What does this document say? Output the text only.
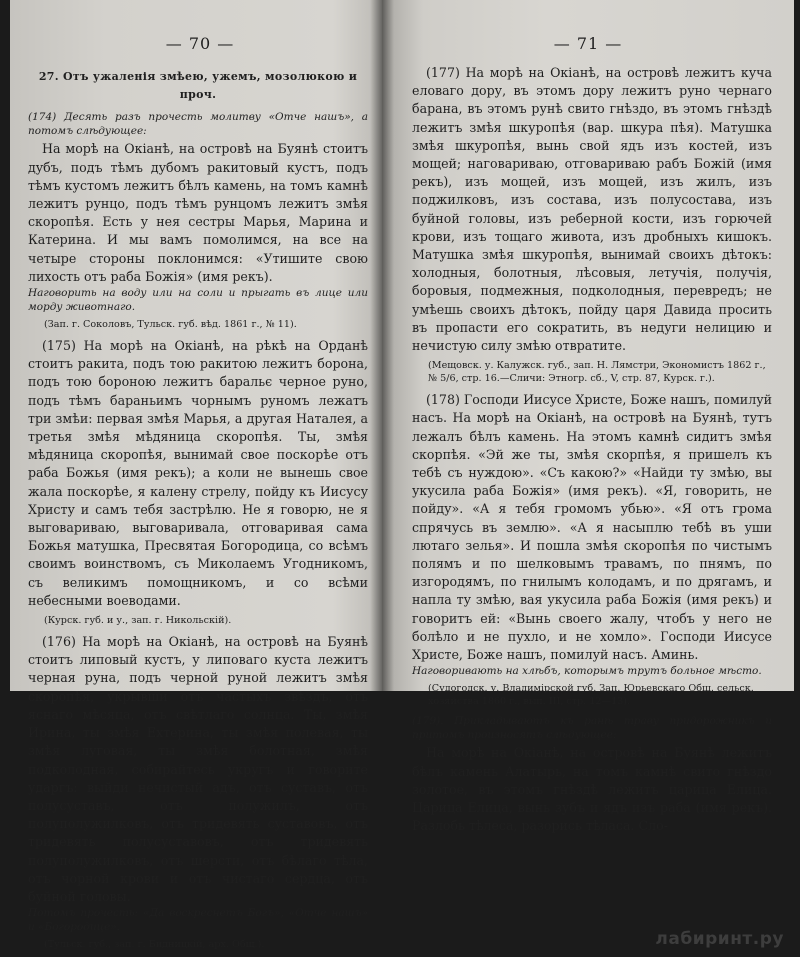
— 70 —
27. Отъ ужаленія змѣею, ужемъ, мозолюкою и проч.

(174) Десять разъ прочесть молитву «Отче нашъ», а потомъ слѣдующее:

На морѣ на Окіанѣ, на островѣ на Буянѣ стоитъ дубъ, подъ тѣмъ дубомъ ракитовый кустъ, подъ тѣмъ кустомъ лежитъ бѣлъ камень, на томъ камнѣ лежитъ рунцо, подъ тѣмъ рунцомъ лежитъ змѣя скоропѣя. Есть у нея сестры Марья, Марина и Катерина. И мы вамъ помолимся, на все на четыре стороны поклонимся: «Утишите свою лихость отъ раба Божія» (имя рекъ).

Наговорить на воду или на соли и прыгать въ лице или морду животнаго.

(Зап. г. Соколовъ, Тульск. губ. вѣд. 1861 г., № 11).

(175) На морѣ на Окіанѣ, на рѣкѣ на Орданѣ стоитъ ракита, подъ тою ракитою лежитъ борона, подъ тою бороною лежитъ баральє черное руно, подъ тѣмъ бараньимъ чорнымъ руномъ лежатъ три змѣи: первая змѣя Марья, а другая Наталея, а третья змѣя мѣдяница скоропѣя. Ты, змѣя мѣдяница скоропѣя, вынимай свое поскорѣе отъ раба Божья (имя рекъ); а коли не вынешь свое жала поскорѣе, я калену стрелу, пойду къ Иисусу Христу и самъ тебя застрѣлю. Не я говорю, не я выговариваю, выговаривала, отговаривая сама Божья матушка, Пресвятая Богородица, со всѣмъ своимъ воинствомъ, съ Миколаемъ Угодникомъ, съ великимъ помощникомъ, и со всѣми небесными воеводами.

(Курск. губ. и у., зап. г. Никольскій).

(176) На морѣ на Окіанѣ, на островѣ на Буянѣ стоитъ липовый кустъ, у липоваго куста лежитъ черная руна, подъ черной руной лежитъ змѣя скоропѣя, укрывши отъ частыхъ звѣздъ, отъ яснаго мѣсяца, отъ свѣтлаго солнца. Ты, змѣя Ирина, ты змѣя Ехтерина, ты змѣя полевая, ты змѣя луговая, ты змѣя болотная, змѣя подколодная, собирайтесь укругъ и говорите ударгъ: выйди нечистый адъ, отъ суставъ, отъ полусуставъ, отъ полужилъ, отъ полуполужилковъ, отъ тридевять суставовъ, отъ тридевять полусуставовъ, отъ тридевять полуполужилковъ, отъ шерсти, отъ бѣлаго тѣла, отъ чорной крови и отъ чистаго сердца, отъ буйной головы.

Потомъ прочесть: «Да воскреснетъ Богъ», «Отче нашъ» и «Богородице».

(Тульск. губ., зап. г. Бидницкій, арх. Общ.).

— 71 —

(177) На морѣ на Окіанѣ, на островѣ лежитъ куча еловаго дору, въ этомъ дору лежитъ руно чернаго барана, въ этомъ рунѣ свито гнѣздо, въ этомъ гнѣздѣ лежитъ змѣя шкуропѣя (вар. шкура пѣя). Матушка змѣя шкуропѣя, вынь свой ядъ изъ костей, изъ мощей; наговариваю, отговариваю рабъ Божій (имя рекъ), изъ мощей, изъ мощей, изъ жилъ, изъ поджилковъ, изъ состава, изъ полусостава, изъ буйной головы, изъ реберной кости, изъ горючей крови, изъ тощаго живота, изъ дробныхъ кишокъ. Матушка змѣя шкуропѣя, вынимай своихъ дѣтокъ: холодныя, болотныя, лѣсовыя, летучія, получія, боровыя, подмежныя, подколодныя, перевредъ; не умѣешь своихъ дѣтокъ, пойду царя Давида просить въ пропасти его сократить, въ недуги нелицию и нечистую силу змѣю отвратите.

(Мещовск. у. Калужск. губ., зап. Н. Лямстри, Экономистъ 1862 г., № 5/6, стр. 16.—Сличи: Этногр. сб., V, стр. 87, Курск. г.).

(178) Господи Иисусе Христе, Боже нашъ, помилуй насъ. На морѣ на Окіанѣ, на островѣ на Буянѣ, тутъ лежалъ бѣлъ камень. На этомъ камнѣ сидитъ змѣя скорпѣя. «Эй же ты, змѣя скорпѣя, я пришелъ къ тебѣ съ нуждою». «Съ какою?» «Найди ту змѣю, вы укусила раба Божія» (имя рекъ). «Я, говорить, не пойду». «А я тебя громомъ убью». «Я отъ грома спрячусь въ землю». «А я насыплю тебѣ въ уши лютаго зелья». И пошла змѣя скоропѣя по чистымъ полямъ и по шелковымъ травамъ, по пнямъ, по изгородямъ, по гнилымъ колодамъ, и по дрягамъ, и напла ту змѣю, вая укусила раба Божія (имя рекъ) и говоритъ ей: «Вынь своего жалу, чтобъ у него не болѣло и не пухло, и не хомло». Господи Иисусе Христе, Боже нашъ, помилуй насъ. Аминь.

Наговоривають на хлѣбъ, которымъ трутъ больное мѣсто.

(Судогодск. у. Владимірской губ. Зап. Юрьевскаго Общ. сельск. хозяйства 1860 г., вып. III, стр. 12—13).

(179). Прикладываютъ къ ранѣ траву придорожникъ и притомъ произносятъ слѣдующее:

На морѣ на Окіанѣ, на островѣ на Буянѣ лежитъ бѣлъ камень Алатырь, на томъ камнѣ свито гнѣздо золотое, въ этомъ гнѣздѣ лежитъ царица Елица. Царица Елица, вынь зубъ и ядъ изъ раба (имя рекъ). Разлобь тѣлеса, разорись тѣласа. Сло-

лабиринт.ру
